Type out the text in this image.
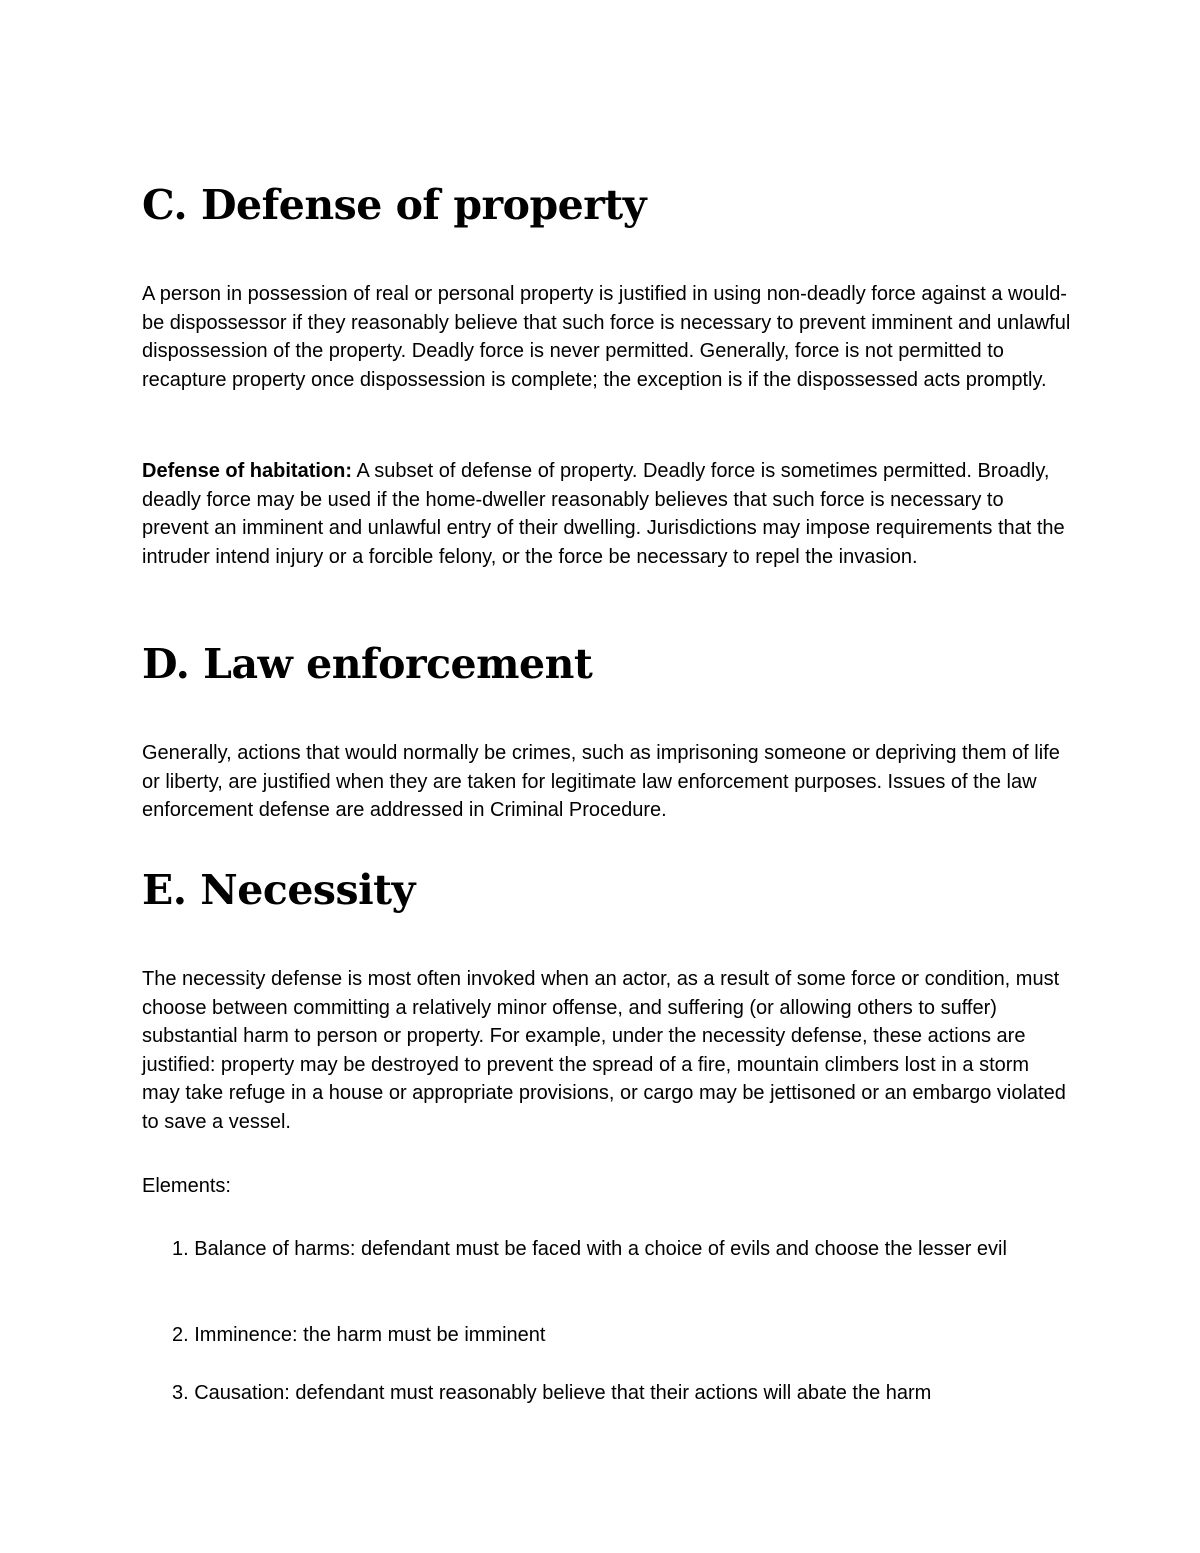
C. Defense of property

A person in possession of real or personal property is justified in using non-deadly force against a would-be dispossessor if they reasonably believe that such force is necessary to prevent imminent and unlawful dispossession of the property. Deadly force is never permitted. Generally, force is not permitted to recapture property once dispossession is complete; the exception is if the dispossessed acts promptly.

Defense of habitation: A subset of defense of property. Deadly force is sometimes permitted. Broadly, deadly force may be used if the home-dweller reasonably believes that such force is necessary to prevent an imminent and unlawful entry of their dwelling. Jurisdictions may impose requirements that the intruder intend injury or a forcible felony, or the force be necessary to repel the invasion.

D. Law enforcement

Generally, actions that would normally be crimes, such as imprisoning someone or depriving them of life or liberty, are justified when they are taken for legitimate law enforcement purposes. Issues of the law enforcement defense are addressed in Criminal Procedure.

E. Necessity

The necessity defense is most often invoked when an actor, as a result of some force or condition, must choose between committing a relatively minor offense, and suffering (or allowing others to suffer) substantial harm to person or property. For example, under the necessity defense, these actions are justified: property may be destroyed to prevent the spread of a fire, mountain climbers lost in a storm may take refuge in a house or appropriate provisions, or cargo may be jettisoned or an embargo violated to save a vessel.

Elements:

1. Balance of harms: defendant must be faced with a choice of evils and choose the lesser evil
2. Imminence: the harm must be imminent
3. Causation: defendant must reasonably believe that their actions will abate the harm
